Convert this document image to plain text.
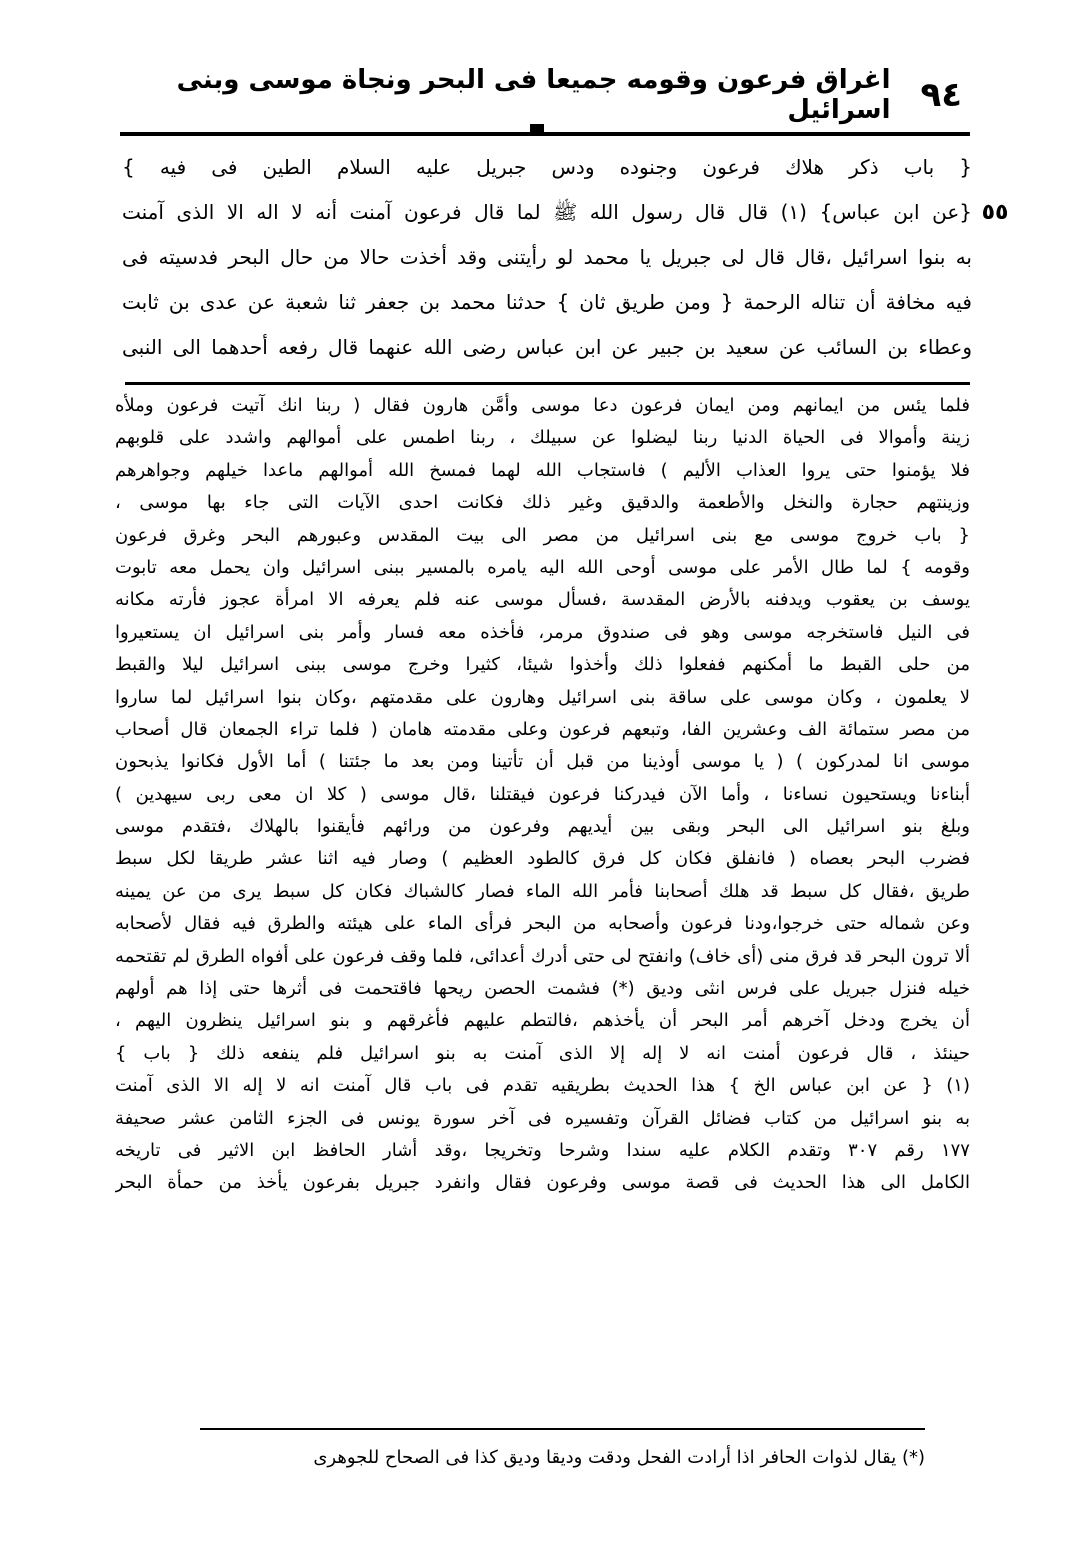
٩٤
اغراق فرعون وقومه جميعا فى البحر ونجاة موسى وبنى اسرائيل
٥٥
{ باب ذكر هلاك فرعون وجنوده ودس جبريل عليه السلام الطين فى فيه }
{عن ابن عباس} (١) قال قال رسول الله ﷺ لما قال فرعون آمنت أنه لا اله الا الذى آمنت
به بنوا اسرائيل ،قال قال لى جبريل يا محمد لو رأيتنى وقد أخذت حالا من حال البحر فدسيته فى
فيه مخافة أن تناله الرحمة { ومن طريق ثان } حدثنا محمد بن جعفر ثنا شعبة عن عدى بن ثابت
وعطاء بن السائب عن سعيد بن جبير عن ابن عباس رضى الله عنهما قال رفعه أحدهما الى النبى
فلما يئس من ايمانهم ومن ايمان فرعون دعا موسى وأمَّن هارون فقال ( ربنا انك آتيت فرعون وملأه
زينة وأموالا فى الحياة الدنيا ربنا ليضلوا عن سبيلك ، ربنا اطمس على أموالهم واشدد على قلوبهم
فلا يؤمنوا حتى يروا العذاب الأليم ) فاستجاب الله لهما فمسخ الله أموالهم ماعدا خيلهم وجواهرهم
وزينتهم حجارة والنخل والأطعمة والدقيق وغير ذلك فكانت احدى الآيات التى جاء بها موسى ،
{ باب خروج موسى مع بنى اسرائيل من مصر الى بيت المقدس وعبورهم البحر وغرق فرعون
وقومه } لما طال الأمر على موسى أوحى الله اليه يامره بالمسير ببنى اسرائيل وان يحمل معه تابوت
يوسف بن يعقوب ويدفنه بالأرض المقدسة ،فسأل موسى عنه فلم يعرفه الا امرأة عجوز فأرته مكانه
فى النيل فاستخرجه موسى وهو فى صندوق مرمر، فأخذه معه فسار وأمر بنى اسرائيل ان يستعيروا
من حلى القبط ما أمكنهم ففعلوا ذلك وأخذوا شيئا، كثيرا وخرج موسى ببنى اسرائيل ليلا والقبط
لا يعلمون ، وكان موسى على ساقة بنى اسرائيل وهارون على مقدمتهم ،وكان بنوا اسرائيل لما ساروا
من مصر ستمائة الف وعشرين الفا، وتبعهم فرعون وعلى مقدمته هامان ( فلما تراء الجمعان قال أصحاب
موسى انا لمدركون ) ( يا موسى أوذينا من قبل أن تأتينا ومن بعد ما جئتنا ) أما الأول فكانوا يذبحون
أبناءنا ويستحيون نساءنا ، وأما الآن فيدركنا فرعون فيقتلنا ،قال موسى ( كلا ان معى ربى سيهدين )
وبلغ بنو اسرائيل الى البحر وبقى بين أيديهم وفرعون من ورائهم فأيقنوا بالهلاك ،فتقدم موسى
فضرب البحر بعصاه ( فانفلق فكان كل فرق كالطود العظيم ) وصار فيه اثنا عشر طريقا لكل سبط
طريق ،فقال كل سبط قد هلك أصحابنا فأمر الله الماء فصار كالشباك فكان كل سبط يرى من عن يمينه
وعن شماله حتى خرجوا،ودنا فرعون وأصحابه من البحر فرأى الماء على هيئته والطرق فيه فقال لأصحابه
ألا ترون البحر قد فرق منى (أى خاف) وانفتح لى حتى أدرك أعدائى، فلما وقف فرعون على أفواه الطرق لم تقتحمه
خيله فنزل جبريل على فرس انثى وديق (*) فشمت الحصن ريحها فاقتحمت فى أثرها حتى إذا هم أولهم
أن يخرج ودخل آخرهم أمر البحر أن يأخذهم ،فالتطم عليهم فأغرقهم و بنو اسرائيل ينظرون اليهم ،
حينئذ ، قال فرعون أمنت انه لا إله إلا الذى آمنت به بنو اسرائيل فلم ينفعه ذلك { باب }
(١) { عن ابن عباس الخ } هذا الحديث بطريقيه تقدم فى باب قال آمنت انه لا إله الا الذى آمنت
به بنو اسرائيل من كتاب فضائل القرآن وتفسيره فى آخر سورة يونس فى الجزء الثامن عشر صحيفة
١٧٧ رقم ٣٠٧ وتقدم الكلام عليه سندا وشرحا وتخريجا ،وقد أشار الحافظ ابن الاثير فى تاريخه
الكامل الى هذا الحديث فى قصة موسى وفرعون فقال وانفرد جبريل بفرعون يأخذ من حمأة البحر
(*) يقال لذوات الحافر اذا أرادت الفحل ودقت وديقا وديق كذا فى الصحاح للجوهرى
